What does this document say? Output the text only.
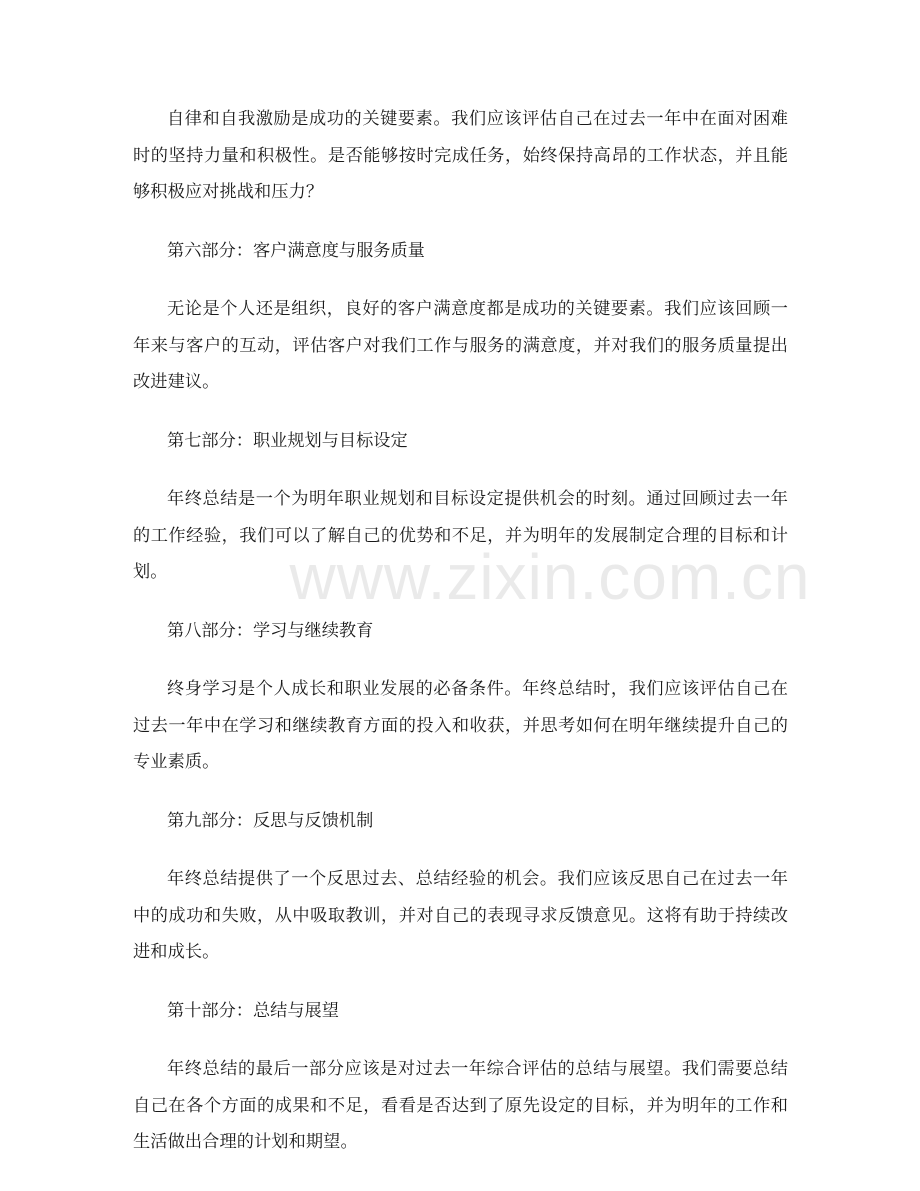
自律和自我激励是成功的关键要素。我们应该评估自己在过去一年中在面对困难时的坚持力量和积极性。是否能够按时完成任务，始终保持高昂的工作状态，并且能够积极应对挑战和压力？

第六部分：客户满意度与服务质量

无论是个人还是组织，良好的客户满意度都是成功的关键要素。我们应该回顾一年来与客户的互动，评估客户对我们工作与服务的满意度，并对我们的服务质量提出改进建议。

第七部分：职业规划与目标设定

年终总结是一个为明年职业规划和目标设定提供机会的时刻。通过回顾过去一年的工作经验，我们可以了解自己的优势和不足，并为明年的发展制定合理的目标和计划。

第八部分：学习与继续教育

终身学习是个人成长和职业发展的必备条件。年终总结时，我们应该评估自己在过去一年中在学习和继续教育方面的投入和收获，并思考如何在明年继续提升自己的专业素质。

第九部分：反思与反馈机制

年终总结提供了一个反思过去、总结经验的机会。我们应该反思自己在过去一年中的成功和失败，从中吸取教训，并对自己的表现寻求反馈意见。这将有助于持续改进和成长。

第十部分：总结与展望

年终总结的最后一部分应该是对过去一年综合评估的总结与展望。我们需要总结自己在各个方面的成果和不足，看看是否达到了原先设定的目标，并为明年的工作和生活做出合理的计划和期望。

www.zixin.com.cn
